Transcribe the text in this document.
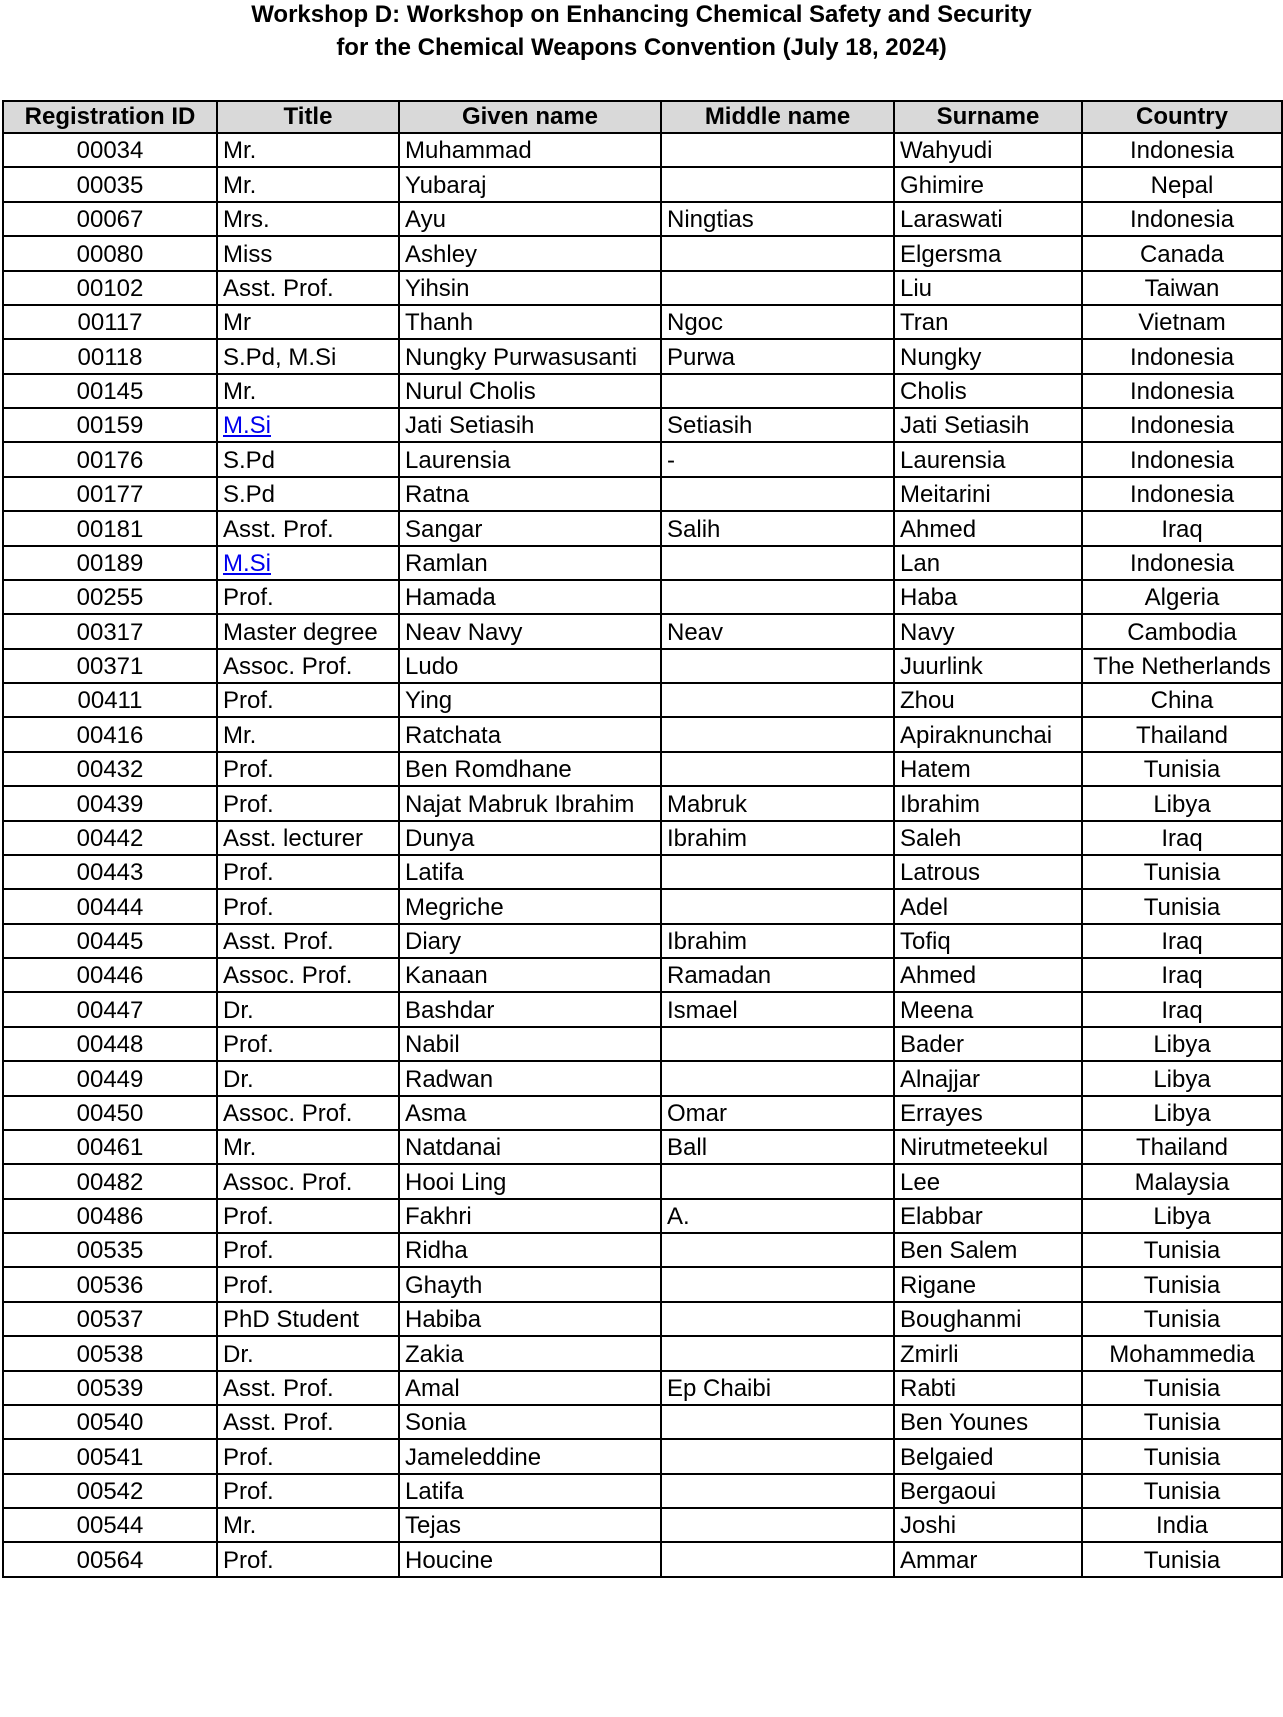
Workshop D: Workshop on Enhancing Chemical Safety and Security
for the Chemical Weapons Convention (July 18, 2024)
Registration ID	Title	Given name	Middle name	Surname	Country
00034	Mr.	Muhammad		Wahyudi	Indonesia
00035	Mr.	Yubaraj		Ghimire	Nepal
00067	Mrs.	Ayu	Ningtias	Laraswati	Indonesia
00080	Miss	Ashley		Elgersma	Canada
00102	Asst. Prof.	Yihsin		Liu	Taiwan
00117	Mr	Thanh	Ngoc	Tran	Vietnam
00118	S.Pd, M.Si	Nungky Purwasusanti	Purwa	Nungky	Indonesia
00145	Mr.	Nurul Cholis		Cholis	Indonesia
00159	M.Si	Jati Setiasih	Setiasih	Jati Setiasih	Indonesia
00176	S.Pd	Laurensia	-	Laurensia	Indonesia
00177	S.Pd	Ratna		Meitarini	Indonesia
00181	Asst. Prof.	Sangar	Salih	Ahmed	Iraq
00189	M.Si	Ramlan		Lan	Indonesia
00255	Prof.	Hamada		Haba	Algeria
00317	Master degree	Neav Navy	Neav	Navy	Cambodia
00371	Assoc. Prof.	Ludo		Juurlink	The Netherlands
00411	Prof.	Ying		Zhou	China
00416	Mr.	Ratchata		Apiraknunchai	Thailand
00432	Prof.	Ben Romdhane		Hatem	Tunisia
00439	Prof.	Najat Mabruk Ibrahim	Mabruk	Ibrahim	Libya
00442	Asst. lecturer	Dunya	Ibrahim	Saleh	Iraq
00443	Prof.	Latifa		Latrous	Tunisia
00444	Prof.	Megriche		Adel	Tunisia
00445	Asst. Prof.	Diary	Ibrahim	Tofiq	Iraq
00446	Assoc. Prof.	Kanaan	Ramadan	Ahmed	Iraq
00447	Dr.	Bashdar	Ismael	Meena	Iraq
00448	Prof.	Nabil		Bader	Libya
00449	Dr.	Radwan		Alnajjar	Libya
00450	Assoc. Prof.	Asma	Omar	Errayes	Libya
00461	Mr.	Natdanai	Ball	Nirutmeteekul	Thailand
00482	Assoc. Prof.	Hooi Ling		Lee	Malaysia
00486	Prof.	Fakhri	A.	Elabbar	Libya
00535	Prof.	Ridha		Ben Salem	Tunisia
00536	Prof.	Ghayth		Rigane	Tunisia
00537	PhD Student	Habiba		Boughanmi	Tunisia
00538	Dr.	Zakia		Zmirli	Mohammedia
00539	Asst. Prof.	Amal	Ep Chaibi	Rabti	Tunisia
00540	Asst. Prof.	Sonia		Ben Younes	Tunisia
00541	Prof.	Jameleddine		Belgaied	Tunisia
00542	Prof.	Latifa		Bergaoui	Tunisia
00544	Mr.	Tejas		Joshi	India
00564	Prof.	Houcine		Ammar	Tunisia
